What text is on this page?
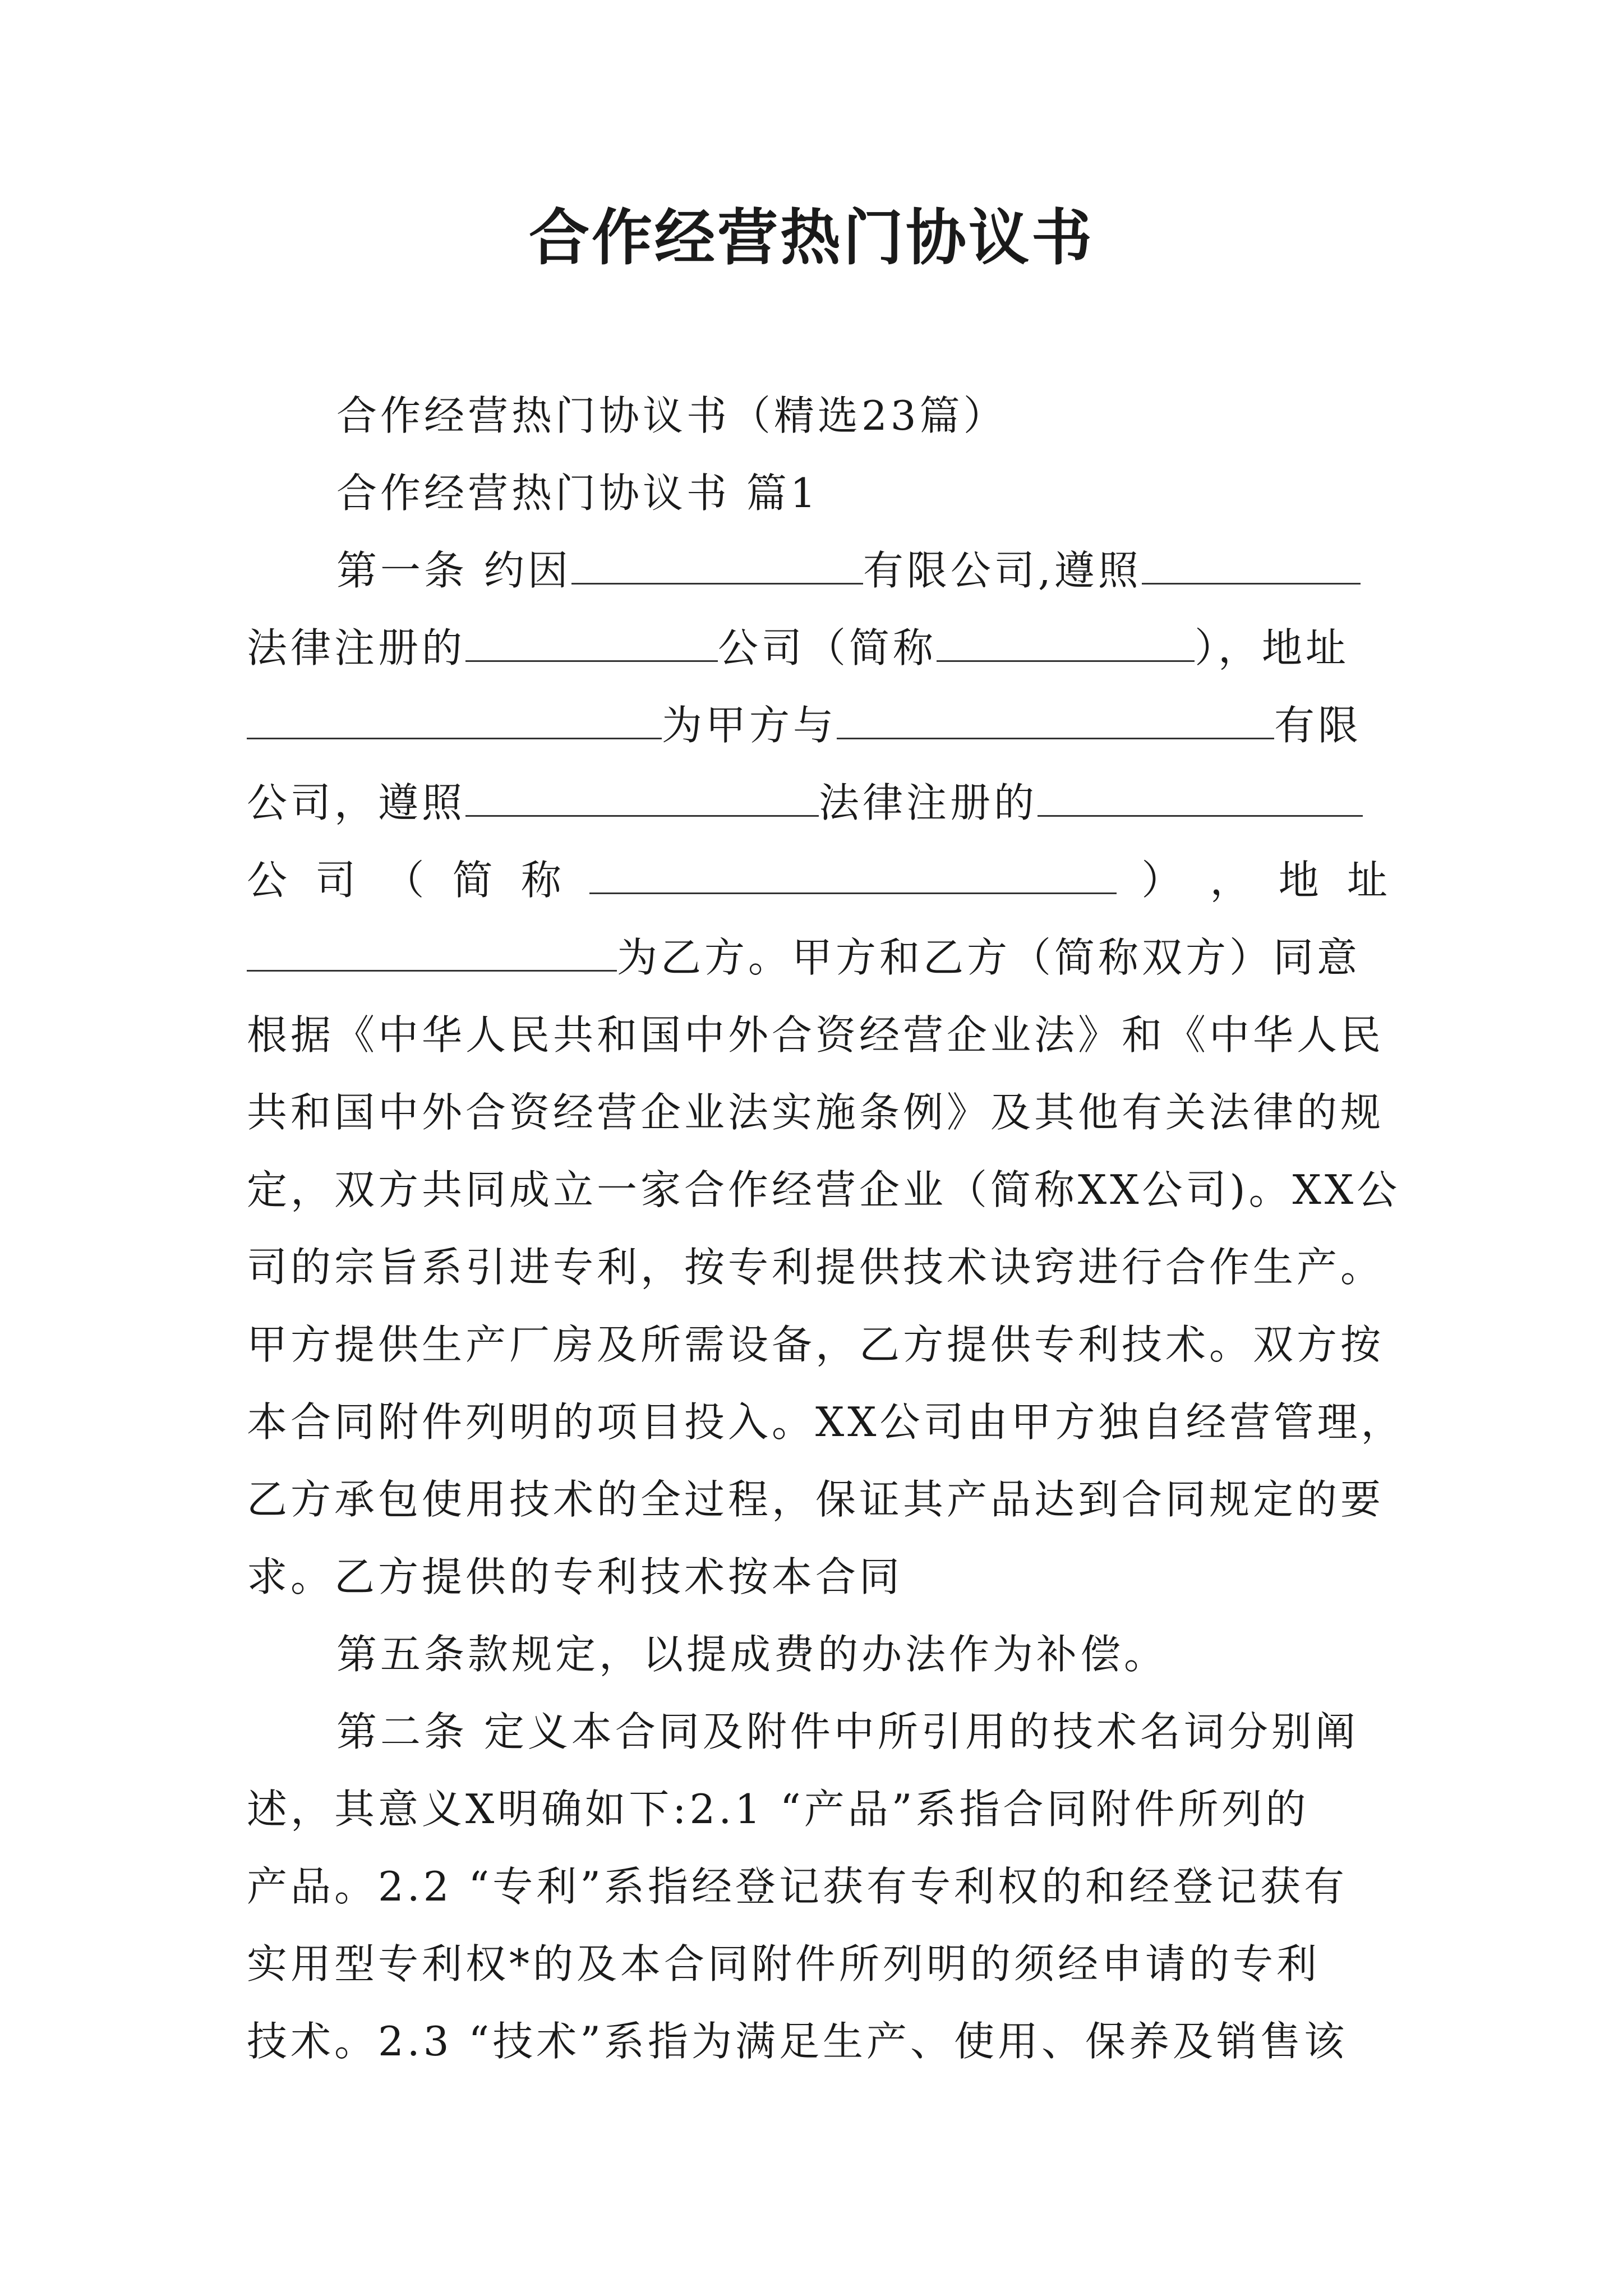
合作经营热门协议书
合作经营热门协议书（精选23篇）
合作经营热门协议书 篇1
第一条 约因	有限公司,遵照
法律注册的	公司（简称	），地址
为甲方与	有限
公司，遵照	法律注册的
公 司 （ 简 称	） ， 地 址
为乙方。甲方和乙方（简称双方）同意
根据《中华人民共和国中外合资经营企业法》和《中华人民
共和国中外合资经营企业法实施条例》及其他有关法律的规
定，双方共同成立一家合作经营企业（简称XX公司)。XX公
司的宗旨系引进专利，按专利提供技术诀窍进行合作生产。
甲方提供生产厂房及所需设备，乙方提供专利技术。双方按
本合同附件列明的项目投入。XX公司由甲方独自经营管理，
乙方承包使用技术的全过程，保证其产品达到合同规定的要
求。乙方提供的专利技术按本合同
第五条款规定，以提成费的办法作为补偿。
第二条 定义本合同及附件中所引用的技术名词分别阐
述，其意义X明确如下:2.1 “产品”系指合同附件所列的
产品。2.2 “专利”系指经登记获有专利权的和经登记获有
实用型专利权*的及本合同附件所列明的须经申请的专利
技术。2.3 “技术”系指为满足生产、使用、保养及销售该
